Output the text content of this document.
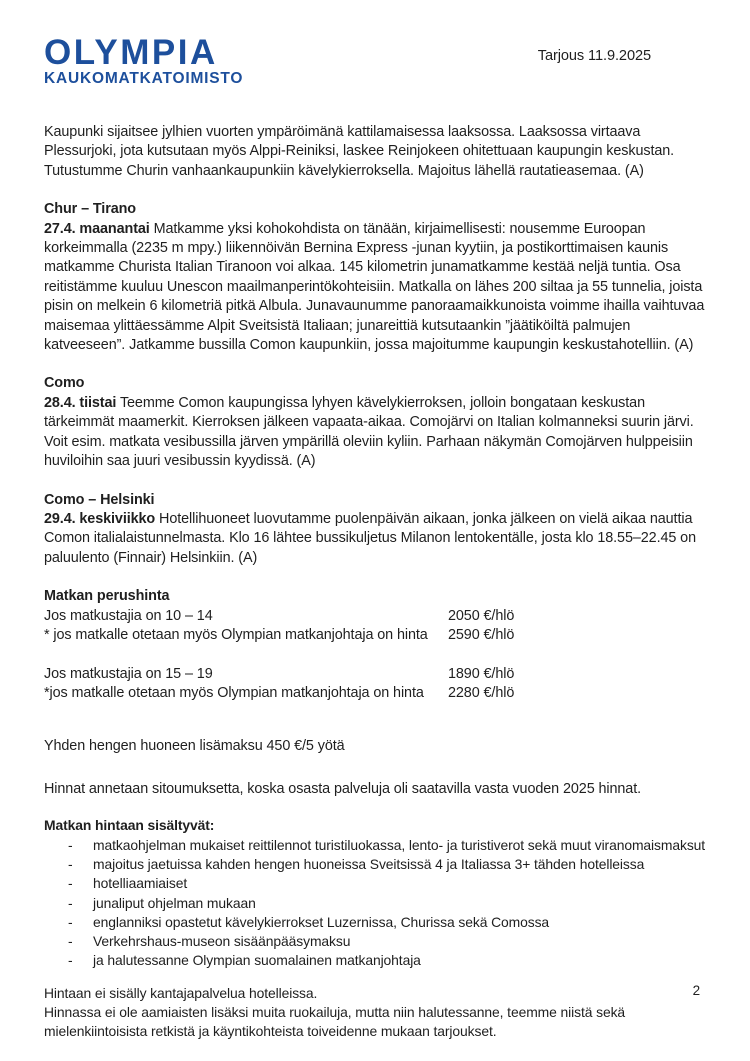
OLYMPIA
KAUKOMATKATOIMISTO
Tarjous 11.9.2025

Kaupunki sijaitsee jylhien vuorten ympäröimänä kattilamaisessa laaksossa. Laaksossa virtaava Plessurjoki, jota kutsutaan myös Alppi-Reiniksi, laskee Reinjokeen ohitettuaan kaupungin keskustan. Tutustumme Churin vanhaankaupunkiin kävelykierroksella. Majoitus lähellä rautatieasemaa. (A)

Chur – Tirano

27.4. maanantai Matkamme yksi kohokohdista on tänään, kirjaimellisesti: nousemme Euroopan korkeimmalla (2235 m mpy.) liikennöivän Bernina Express -junan kyytiin, ja postikorttimaisen kaunis matkamme Churista Italian Tiranoon voi alkaa. 145 kilometrin junamatkamme kestää neljä tuntia. Osa reitistämme kuuluu Unescon maailmanperintökohteisiin. Matkalla on lähes 200 siltaa ja 55 tunnelia, joista pisin on melkein 6 kilometriä pitkä Albula. Junavaunumme panoraamaikkunoista voimme ihailla vaihtuvaa maisemaa ylittäessämme Alpit Sveitsistä Italiaan; junareittiä kutsutaankin ”jäätiköiltä palmujen katveeseen”. Jatkamme bussilla Comon kaupunkiin, jossa majoitumme kaupungin keskustahotelliin. (A)

Como

28.4. tiistai Teemme Comon kaupungissa lyhyen kävelykierroksen, jolloin bongataan keskustan tärkeimmät maamerkit. Kierroksen jälkeen vapaata-aikaa. Comojärvi on Italian kolmanneksi suurin järvi. Voit esim. matkata vesibussilla järven ympärillä oleviin kyliin. Parhaan näkymän Comojärven hulppeisiin huviloihin saa juuri vesibussin kyydissä. (A)

Como – Helsinki

29.4. keskiviikko Hotellihuoneet luovutamme puolenpäivän aikaan, jonka jälkeen on vielä aikaa nauttia Comon italialaistunnelmasta. Klo 16 lähtee bussikuljetus Milanon lentokentälle, josta klo 18.55–22.45 on paluulento (Finnair) Helsinkiin. (A)

Matkan perushinta
Jos matkustajia on 10 – 14	2050 €/hlö
* jos matkalle otetaan myös Olympian matkanjohtaja on hinta	2590 €/hlö
Jos matkustajia on 15 – 19	1890 €/hlö
*jos matkalle otetaan myös Olympian matkanjohtaja on hinta	2280 €/hlö

Yhden hengen huoneen lisämaksu 450 €/5 yötä

Hinnat annetaan sitoumuksetta, koska osasta palveluja oli saatavilla vasta vuoden 2025 hinnat.

Matkan hintaan sisältyvät:
-	matkaohjelman mukaiset reittilennot turistiluokassa, lento- ja turistiverot sekä muut viranomaismaksut
-	majoitus jaetuissa kahden hengen huoneissa Sveitsissä 4 ja Italiassa 3+ tähden hotelleissa
-	hotelliaamiaiset
-	junaliput ohjelman mukaan
-	englanniksi opastetut kävelykierrokset Luzernissa, Churissa sekä Comossa
-	Verkehrshaus-museon sisäänpääsymaksu
-	ja halutessanne Olympian suomalainen matkanjohtaja

Hintaan ei sisälly kantajapalvelua hotelleissa.

Hinnassa ei ole aamiaisten lisäksi muita ruokailuja, mutta niin halutessanne, teemme niistä sekä mielenkiintoisista retkistä ja käyntikohteista toiveidenne mukaan tarjoukset.

2
